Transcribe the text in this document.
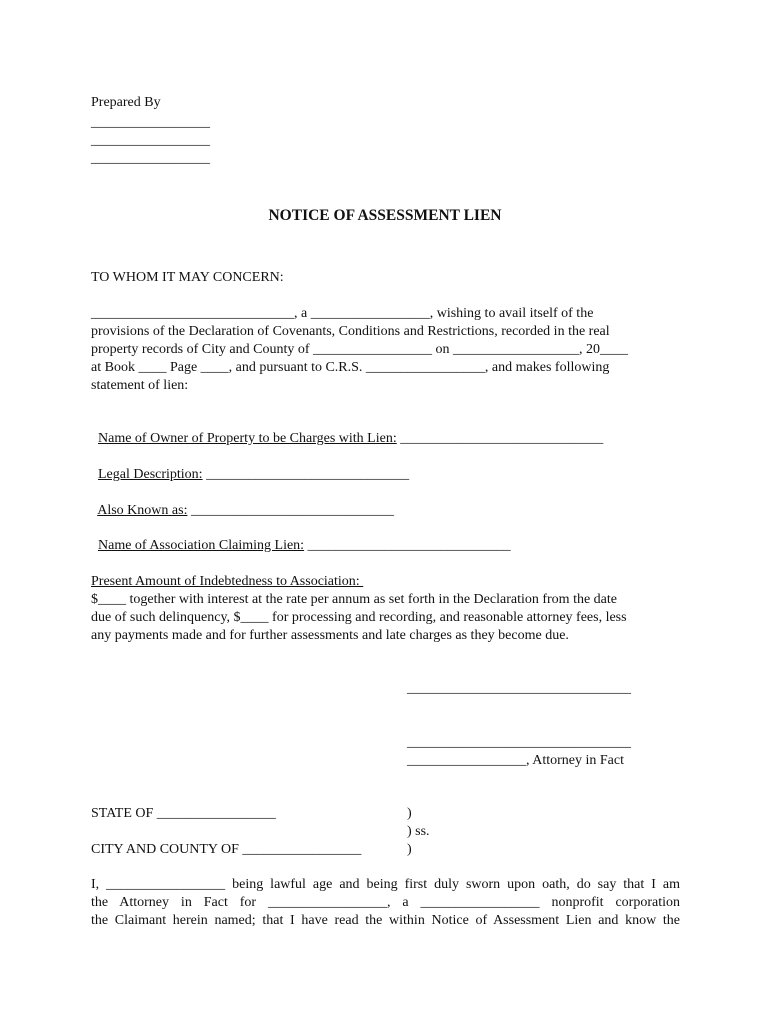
Prepared By
_________________
_________________
_________________
NOTICE OF ASSESSMENT LIEN
TO WHOM IT MAY CONCERN:
_____________________________, a _________________, wishing to avail itself of the
provisions of the Declaration of Covenants, Conditions and Restrictions, recorded in the real
property records of City and County of _________________ on __________________, 20____
at Book ____ Page ____, and pursuant to C.R.S. _________________, and makes following
statement of lien:

Name of Owner of Property to be Charges with Lien: _____________________________

Legal Description: _____________________________

Also Known as: _____________________________

Name of Association Claiming Lien: _____________________________

Present Amount of Indebtedness to Association:
$____ together with interest at the rate per annum as set forth in the Declaration from the date
due of such delinquency, $____ for processing and recording, and reasonable attorney fees, less
any payments made and for further assessments and late charges as they become due.
________________________________
________________________________
_________________, Attorney in Fact
STATE OF _________________
CITY AND COUNTY OF _________________
)
) ss.
)
I, _________________ being lawful age and being first duly sworn upon oath, do say that I am
the Attorney in Fact for _________________, a _________________ nonprofit corporation
the Claimant herein named; that I have read the within Notice of Assessment Lien and know the
